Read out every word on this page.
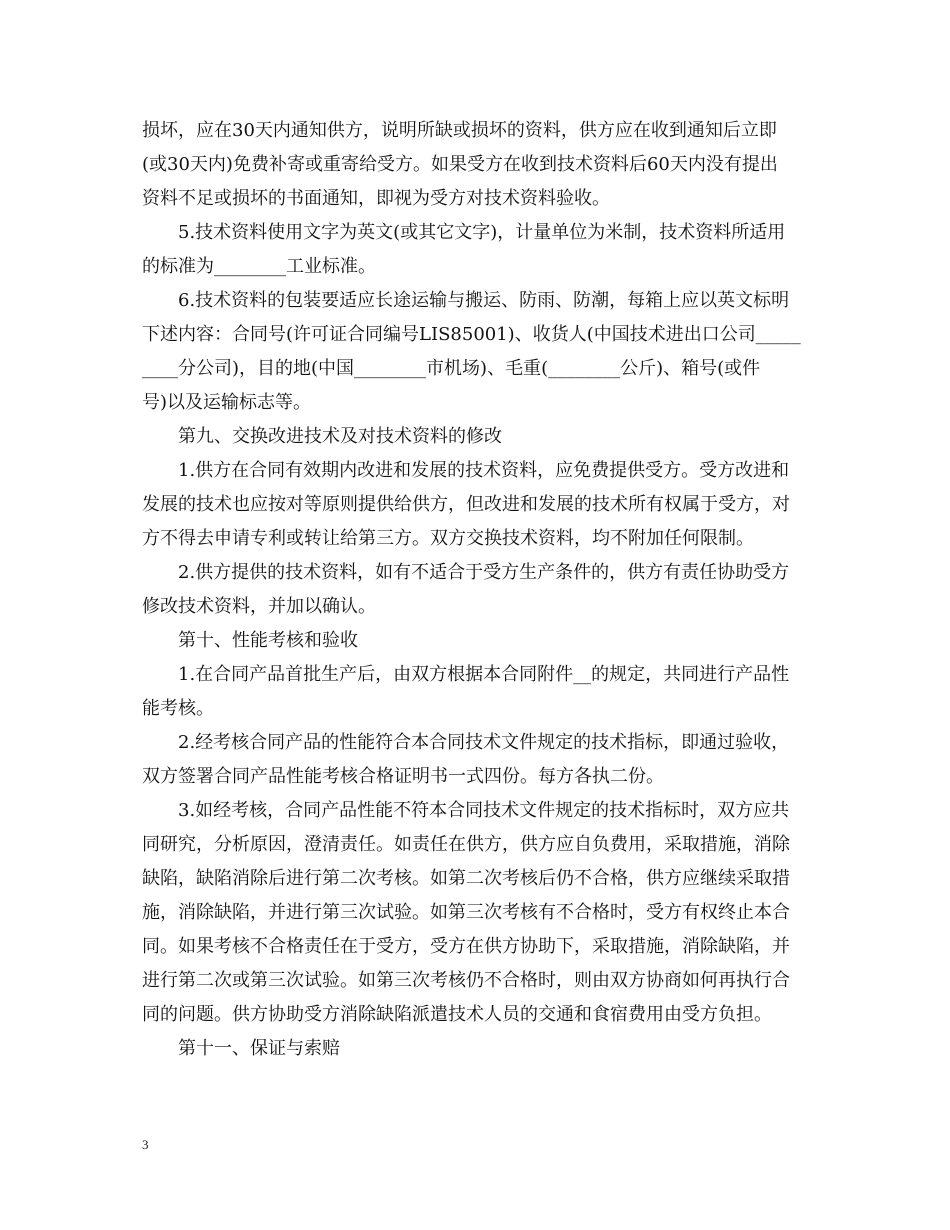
损坏，应在30天内通知供方，说明所缺或损坏的资料，供方应在收到通知后立即
(或30天内)免费补寄或重寄给受方。如果受方在收到技术资料后60天内没有提出
资料不足或损坏的书面通知，即视为受方对技术资料验收。
5.技术资料使用文字为英文(或其它文字)，计量单位为米制，技术资料所适用
的标准为________工业标准。
6.技术资料的包装要适应长途运输与搬运、防雨、防潮，每箱上应以英文标明
下述内容：合同号(许可证合同编号LIS85001)、收货人(中国技术进出口公司_____
____分公司)，目的地(中国________市机场)、毛重(________公斤)、箱号(或件
号)以及运输标志等。
第九、交换改进技术及对技术资料的修改
1.供方在合同有效期内改进和发展的技术资料，应免费提供受方。受方改进和
发展的技术也应按对等原则提供给供方，但改进和发展的技术所有权属于受方，对
方不得去申请专利或转让给第三方。双方交换技术资料，均不附加任何限制。
2.供方提供的技术资料，如有不适合于受方生产条件的，供方有责任协助受方
修改技术资料，并加以确认。
第十、性能考核和验收
1.在合同产品首批生产后，由双方根据本合同附件__的规定，共同进行产品性
能考核。
2.经考核合同产品的性能符合本合同技术文件规定的技术指标，即通过验收，
双方签署合同产品性能考核合格证明书一式四份。每方各执二份。
3.如经考核，合同产品性能不符本合同技术文件规定的技术指标时，双方应共
同研究，分析原因，澄清责任。如责任在供方，供方应自负费用，采取措施，消除
缺陷，缺陷消除后进行第二次考核。如第二次考核后仍不合格，供方应继续采取措
施，消除缺陷，并进行第三次试验。如第三次考核有不合格时，受方有权终止本合
同。如果考核不合格责任在于受方，受方在供方协助下，采取措施，消除缺陷，并
进行第二次或第三次试验。如第三次考核仍不合格时，则由双方协商如何再执行合
同的问题。供方协助受方消除缺陷派遣技术人员的交通和食宿费用由受方负担。
第十一、保证与索赔
3
